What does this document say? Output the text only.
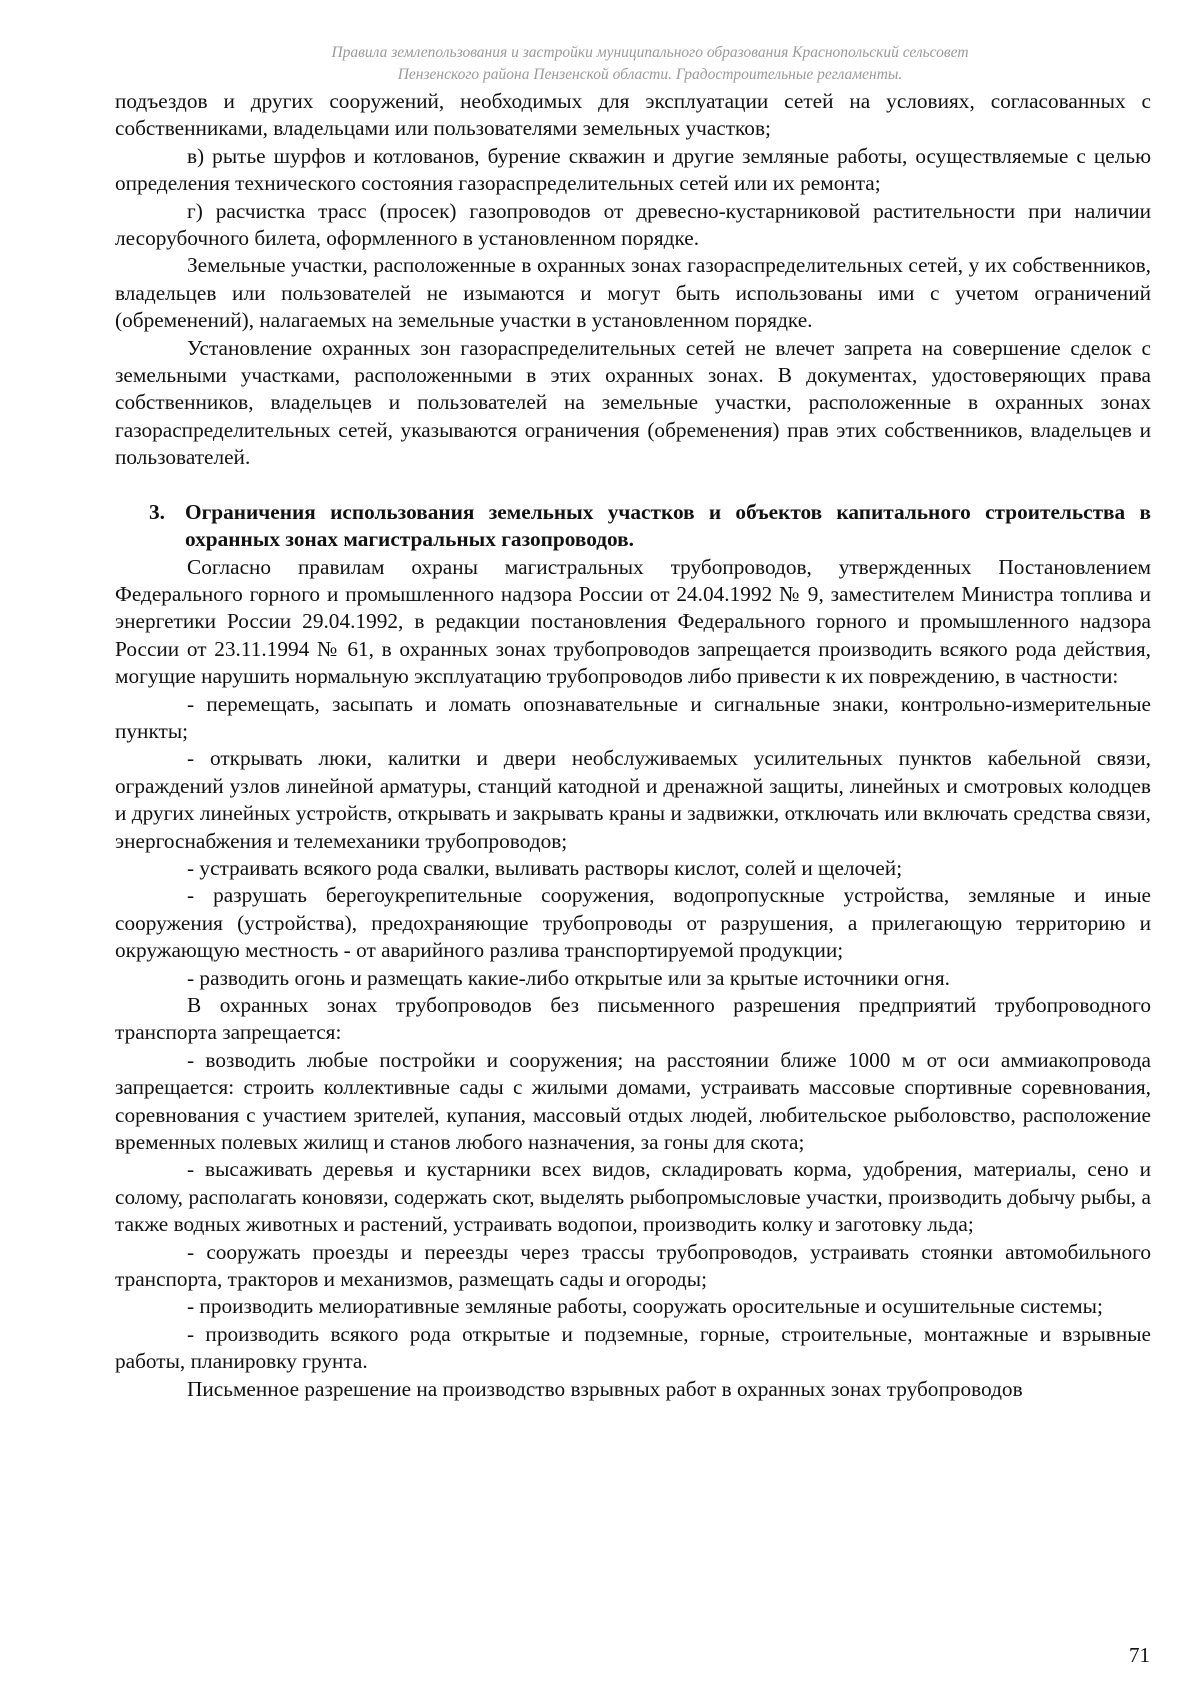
Правила землепользования и застройки муниципального образования Краснопольский сельсовет
Пензенского района Пензенской области. Градостроительные регламенты.

подъездов и других сооружений, необходимых для эксплуатации сетей на условиях, согласованных с собственниками, владельцами или пользователями земельных участков;

в) рытье шурфов и котлованов, бурение скважин и другие земляные работы, осуществляемые с целью определения технического состояния газораспределительных сетей или их ремонта;

г) расчистка трасс (просек) газопроводов от древесно-кустарниковой растительности при наличии лесорубочного билета, оформленного в установленном порядке.

Земельные участки, расположенные в охранных зонах газораспределительных сетей, у их собственников, владельцев или пользователей не изымаются и могут быть использованы ими с учетом ограничений (обременений), налагаемых на земельные участки в установленном порядке.

Установление охранных зон газораспределительных сетей не влечет запрета на совершение сделок с земельными участками, расположенными в этих охранных зонах. В документах, удостоверяющих права собственников, владельцев и пользователей на земельные участки, расположенные в охранных зонах газораспределительных сетей, указываются ограничения (обременения) прав этих собственников, владельцев и пользователей.

3. Ограничения использования земельных участков и объектов капитального строительства в охранных зонах магистральных газопроводов.

Согласно правилам охраны магистральных трубопроводов, утвержденных Постановлением Федерального горного и промышленного надзора России от 24.04.1992 № 9, заместителем Министра топлива и энергетики России 29.04.1992, в редакции постановления Федерального горного и промышленного надзора России от 23.11.1994 № 61, в охранных зонах трубопроводов запрещается производить всякого рода действия, могущие нарушить нормальную эксплуатацию трубопроводов либо привести к их повреждению, в частности:

- перемещать, засыпать и ломать опознавательные и сигнальные знаки, контрольно-измерительные пункты;

- открывать люки, калитки и двери необслуживаемых усилительных пунктов кабельной связи, ограждений узлов линейной арматуры, станций катодной и дренажной защиты, линейных и смотровых колодцев и других линейных устройств, открывать и закрывать краны и задвижки, отключать или включать средства связи, энергоснабжения и телемеханики трубопроводов;

- устраивать всякого рода свалки, выливать растворы кислот, солей и щелочей;

- разрушать берегоукрепительные сооружения, водопропускные устройства, земляные и иные сооружения (устройства), предохраняющие трубопроводы от разрушения, а прилегающую территорию и окружающую местность - от аварийного разлива транспортируемой продукции;

- разводить огонь и размещать какие-либо открытые или за крытые источники огня.

В охранных зонах трубопроводов без письменного разрешения предприятий трубопроводного транспорта запрещается:

- возводить любые постройки и сооружения; на расстоянии ближе 1000 м от оси аммиакопровода запрещается: строить коллективные сады с жилыми домами, устраивать массовые спортивные соревнования, соревнования с участием зрителей, купания, массовый отдых людей, любительское рыболовство, расположение временных полевых жилищ и станов любого назначения, за гоны для скота;

- высаживать деревья и кустарники всех видов, складировать корма, удобрения, материалы, сено и солому, располагать коновязи, содержать скот, выделять рыбопромысловые участки, производить добычу рыбы, а также водных животных и растений, устраивать водопои, производить колку и заготовку льда;

- сооружать проезды и переезды через трассы трубопроводов, устраивать стоянки автомобильного транспорта, тракторов и механизмов, размещать сады и огороды;

- производить мелиоративные земляные работы, сооружать оросительные и осушительные системы;

- производить всякого рода открытые и подземные, горные, строительные, монтажные и взрывные работы, планировку грунта.

Письменное разрешение на производство взрывных работ в охранных зонах трубопроводов

71
